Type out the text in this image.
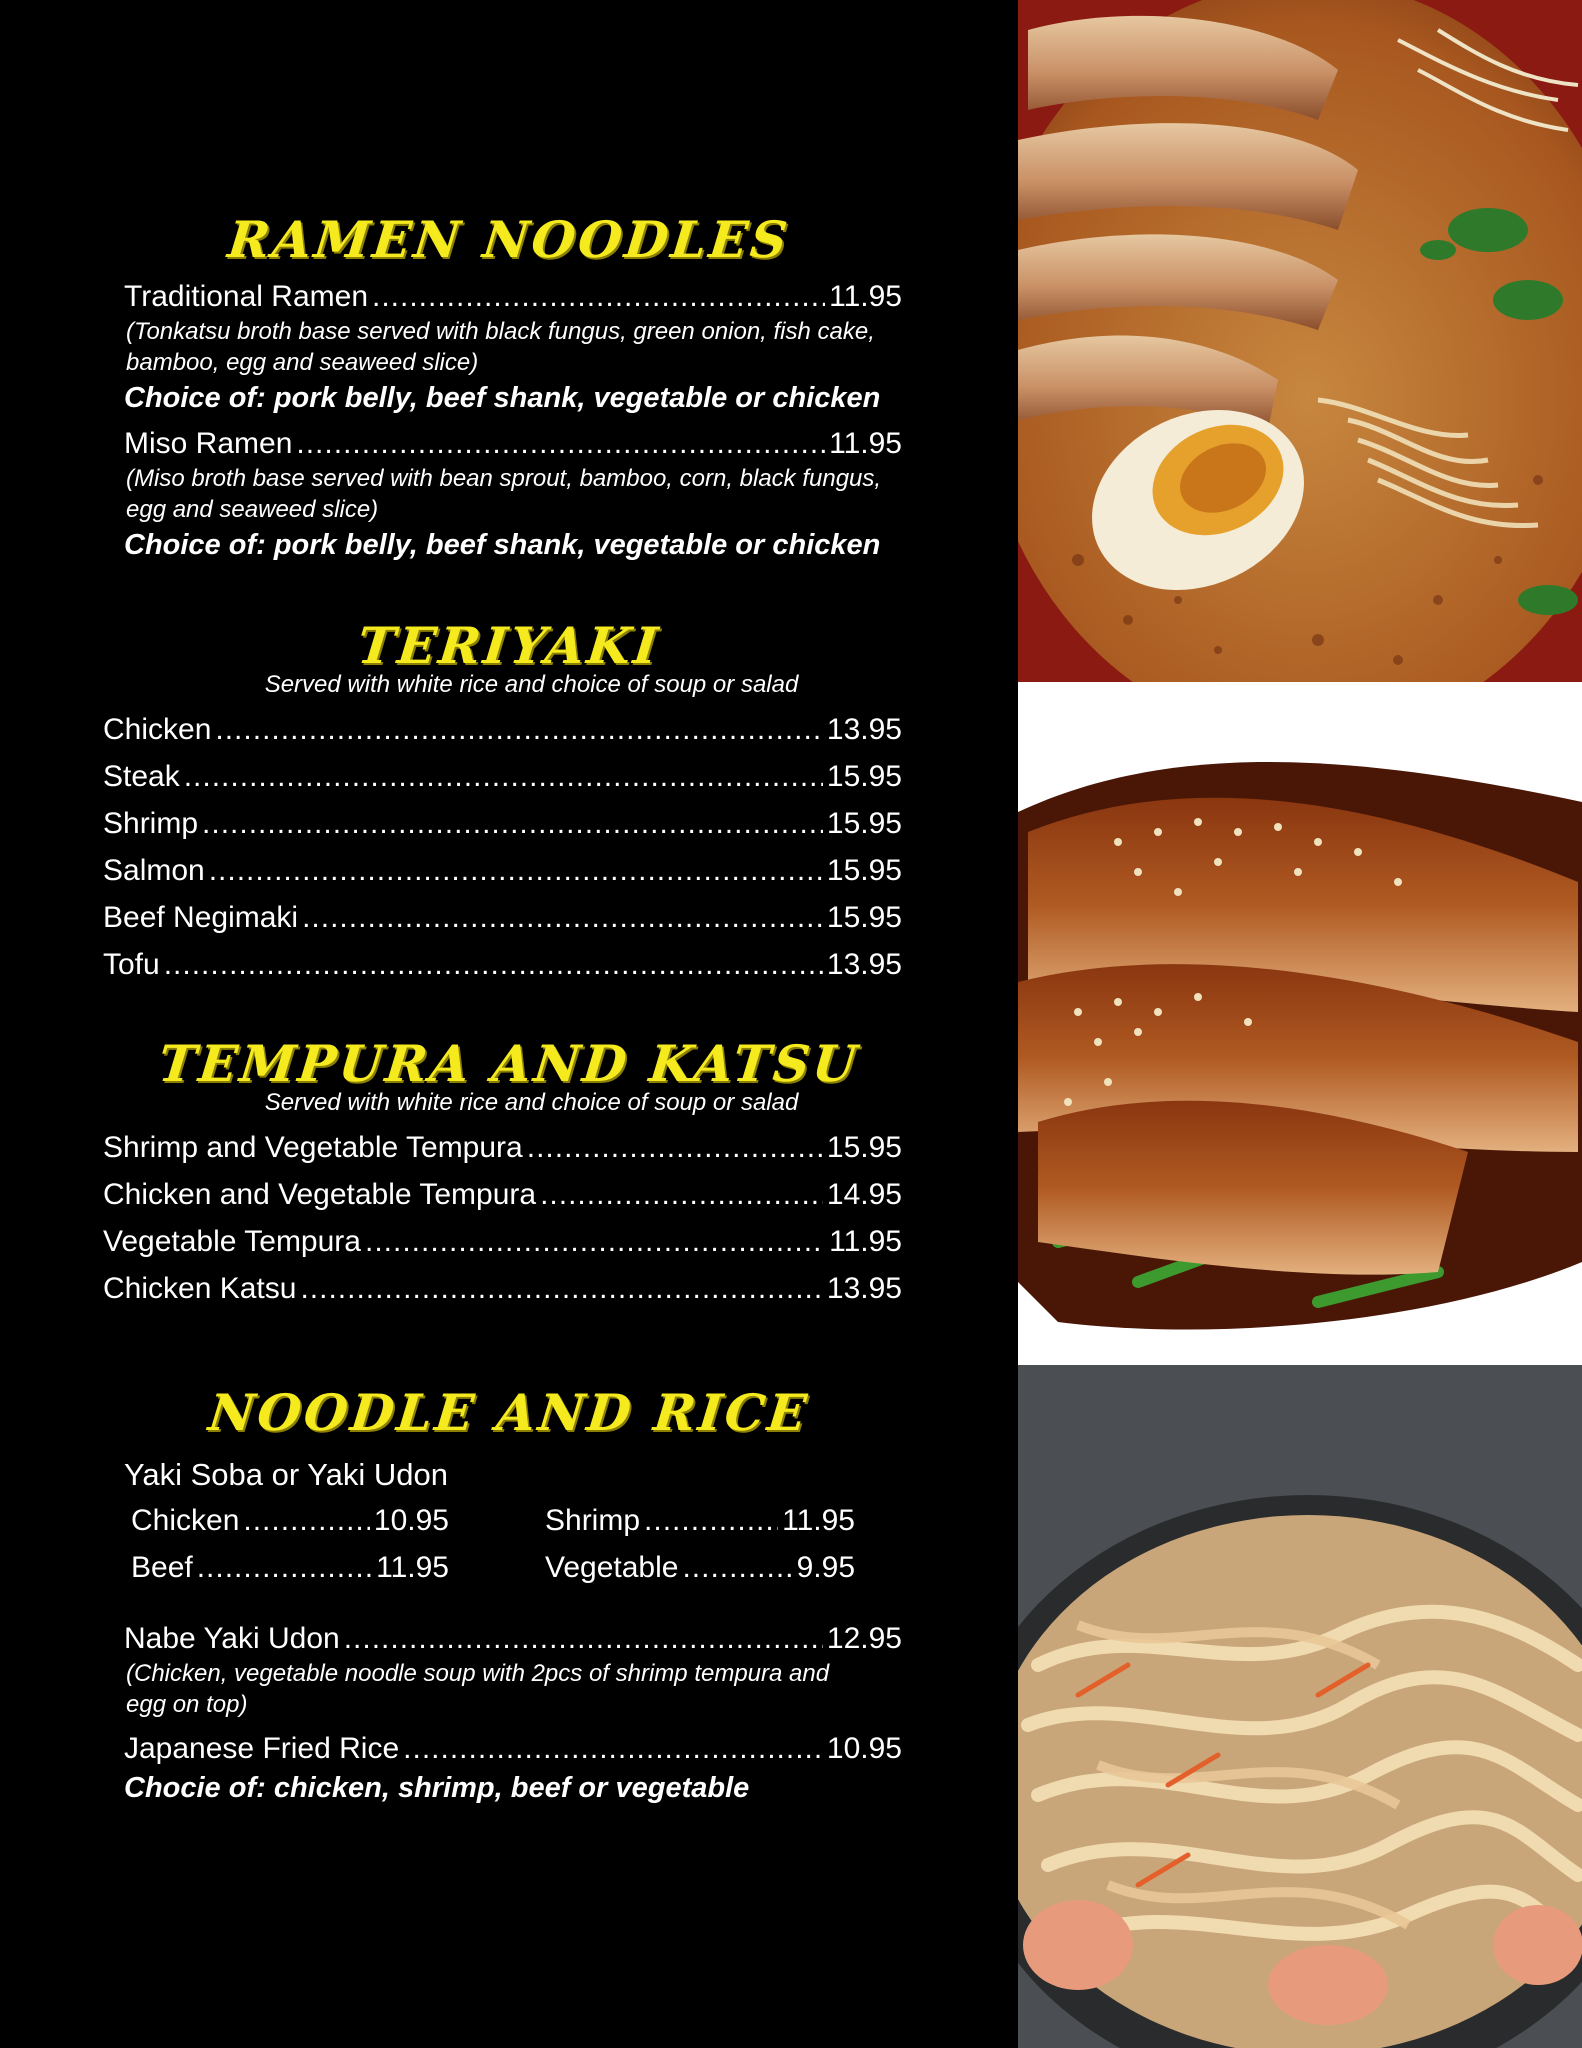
RAMEN NOODLES
Traditional Ramen .....	11.95
(Tonkatsu broth base served with black fungus, green onion, fish cake, bamboo, egg and seaweed slice)
Choice of: pork belly, beef shank, vegetable or chicken
Miso Ramen .....	11.95
(Miso broth base served with bean sprout, bamboo, corn, black fungus, egg and seaweed slice)
Choice of: pork belly, beef shank, vegetable or chicken
TERIYAKI
Served with white rice and choice of soup or salad
Chicken .....	13.95
Steak .....	15.95
Shrimp .....	15.95
Salmon .....	15.95
Beef Negimaki .....	15.95
Tofu .....	13.95
TEMPURA AND KATSU
Served with white rice and choice of soup or salad
Shrimp and Vegetable Tempura .....	15.95
Chicken and Vegetable Tempura .....	14.95
Vegetable Tempura .....	11.95
Chicken Katsu .....	13.95
NOODLE AND RICE
Yaki Soba or Yaki Udon
Chicken .....	10.95	Shrimp .....	11.95
Beef .....	11.95	Vegetable .....	9.95
Nabe Yaki Udon .....	12.95
(Chicken, vegetable noodle soup with 2pcs of shrimp tempura and egg on top)
Japanese Fried Rice .....	10.95
Chocie of: chicken, shrimp, beef or vegetable
